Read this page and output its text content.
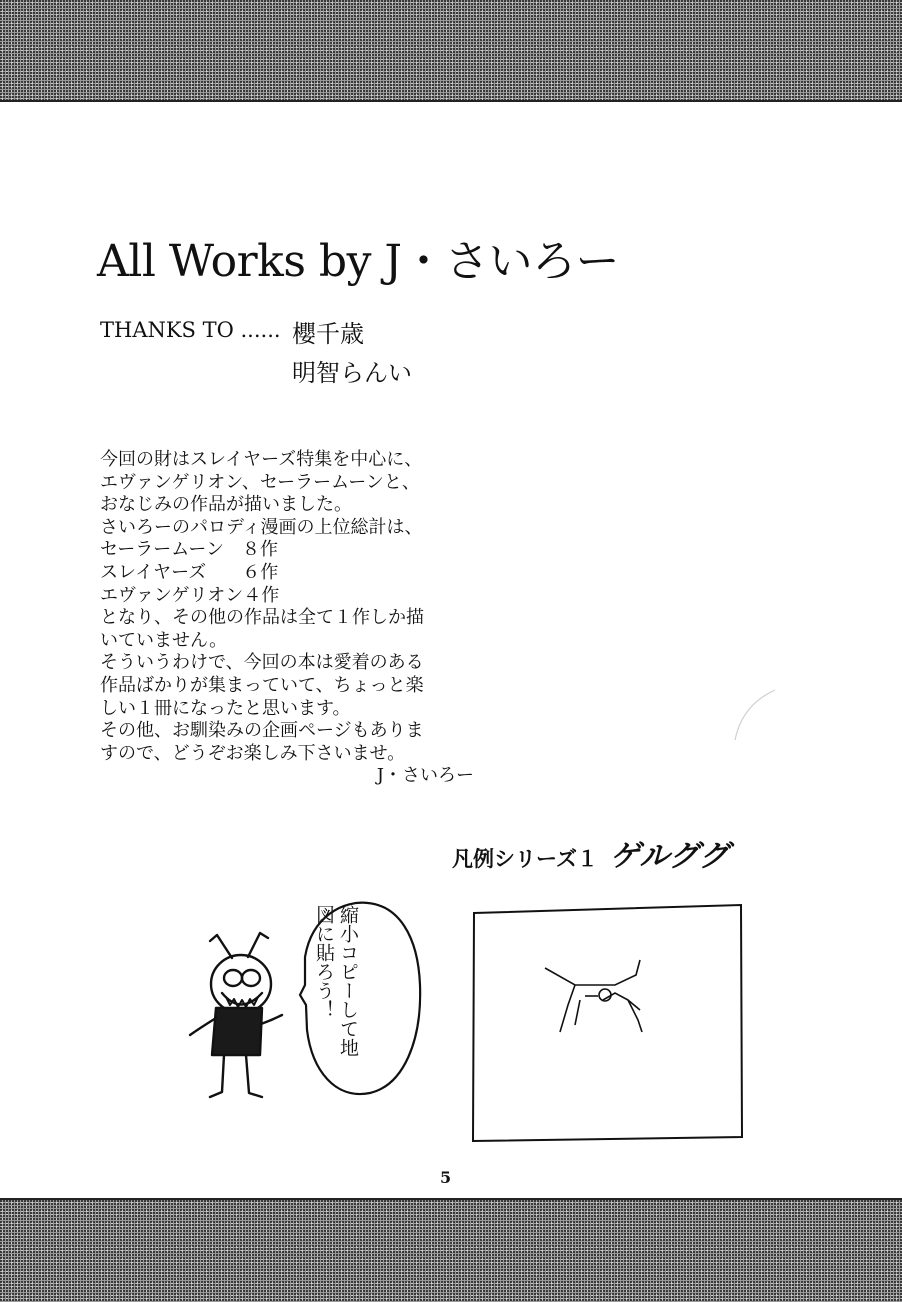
All Works by J・さいろー
THANKS TO ...... 櫻千歳
明智らんい
今回の財はスレイヤーズ特集を中心に、
エヴァンゲリオン、セーラームーンと、
おなじみの作品が描いました。
さいろーのパロディ漫画の上位総計は、
セーラームーン　８作
スレイヤーズ　　６作
エヴァンゲリオン４作
となり、その他の作品は全て１作しか描
いていません。
そういうわけで、今回の本は愛着のある
作品ばかりが集まっていて、ちょっと楽
しい１冊になったと思います。
その他、お馴染みの企画ページもありま
すので、どうぞお楽しみ下さいませ。
J・さいろー
凡例シリーズ１ ゲルググ
縮小コピーして地図に貼ろう！
5
